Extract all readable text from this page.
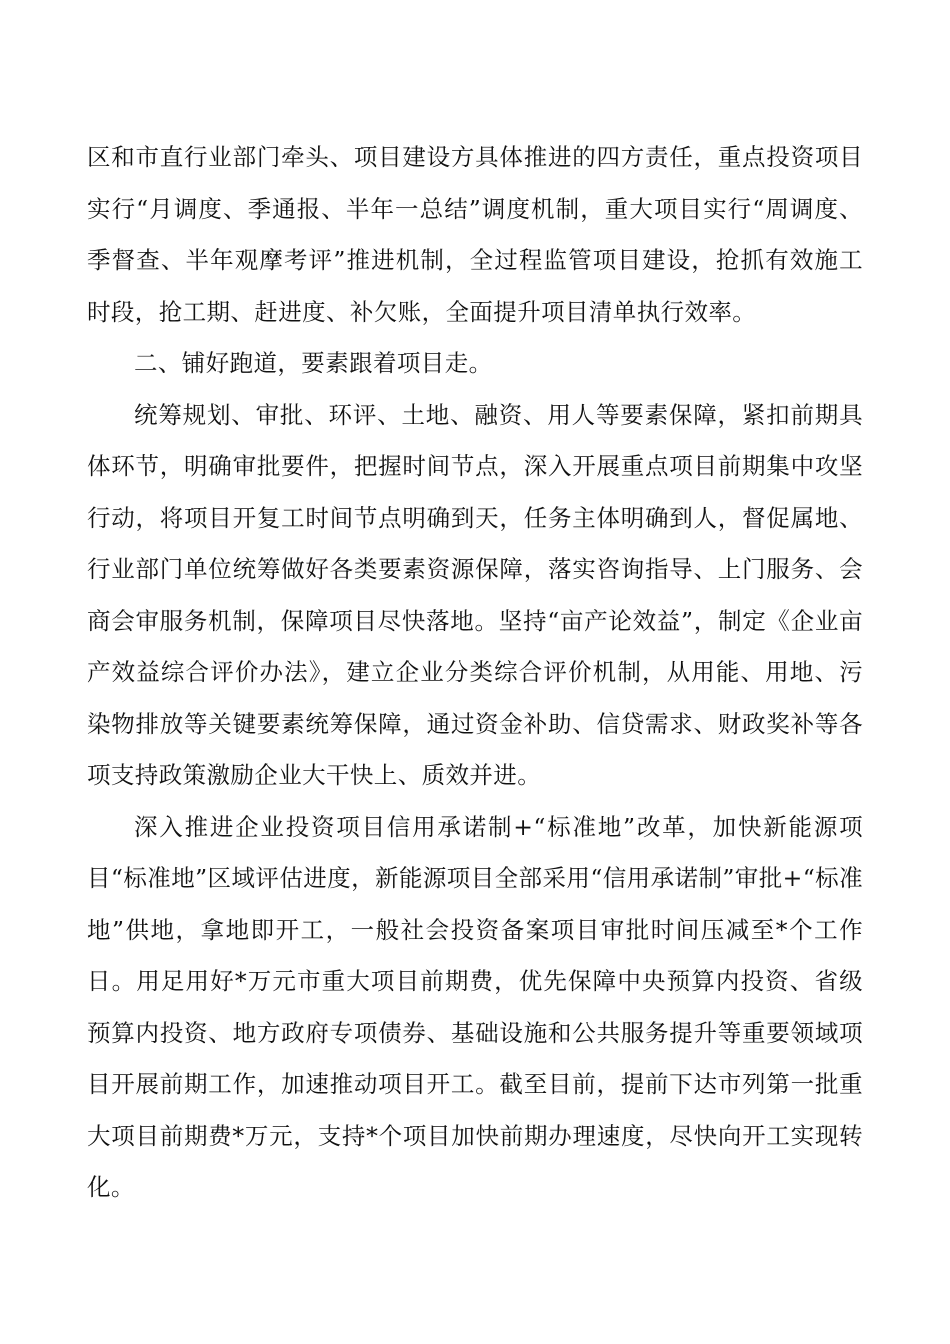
区和市直行业部门牵头、项目建设方具体推进的四方责任，重点投资项目实行“月调度、季通报、半年一总结”调度机制，重大项目实行“周调度、季督查、半年观摩考评”推进机制，全过程监管项目建设，抢抓有效施工时段，抢工期、赶进度、补欠账，全面提升项目清单执行效率。

二、铺好跑道，要素跟着项目走。

统筹规划、审批、环评、土地、融资、用人等要素保障，紧扣前期具体环节，明确审批要件，把握时间节点，深入开展重点项目前期集中攻坚行动，将项目开复工时间节点明确到天，任务主体明确到人，督促属地、行业部门单位统筹做好各类要素资源保障，落实咨询指导、上门服务、会商会审服务机制，保障项目尽快落地。坚持“亩产论效益”，制定《企业亩产效益综合评价办法》，建立企业分类综合评价机制，从用能、用地、污染物排放等关键要素统筹保障，通过资金补助、信贷需求、财政奖补等各项支持政策激励企业大干快上、质效并进。

深入推进企业投资项目信用承诺制+“标准地”改革，加快新能源项目“标准地”区域评估进度，新能源项目全部采用“信用承诺制”审批+“标准地”供地，拿地即开工，一般社会投资备案项目审批时间压减至*个工作日。用足用好*万元市重大项目前期费，优先保障中央预算内投资、省级预算内投资、地方政府专项债券、基础设施和公共服务提升等重要领域项目开展前期工作，加速推动项目开工。截至目前，提前下达市列第一批重大项目前期费*万元，支持*个项目加快前期办理速度，尽快向开工实现转化。
